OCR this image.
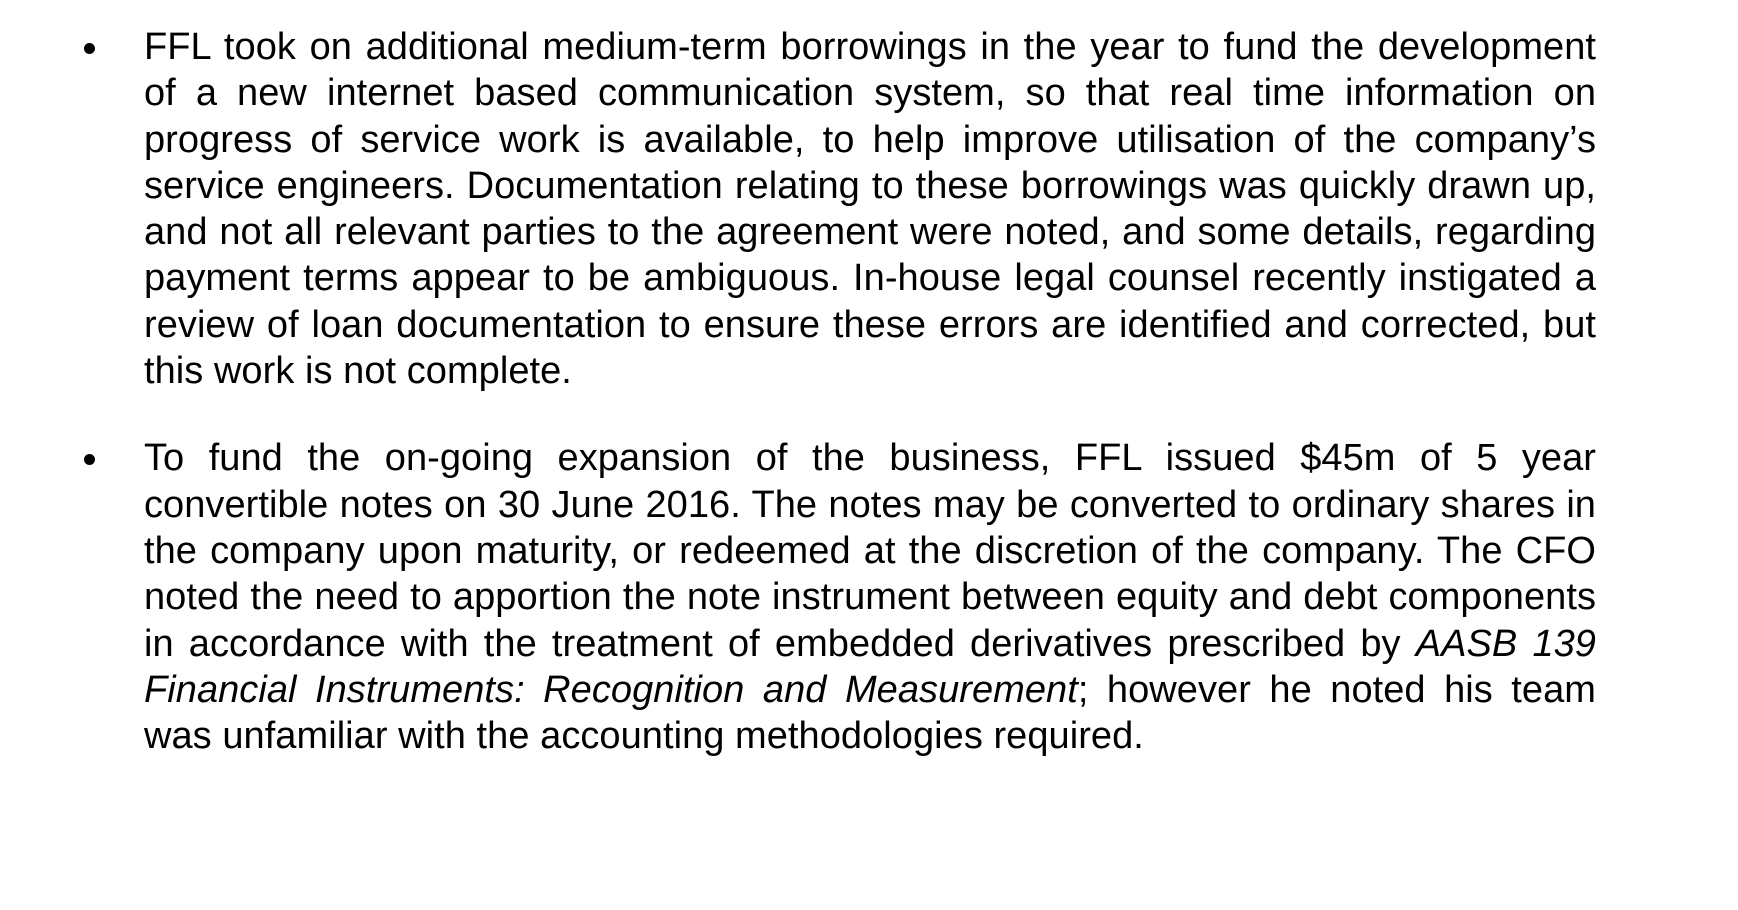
FFL took on additional medium-term borrowings in the year to fund the development of a new internet based communication system, so that real time information on progress of service work is available, to help improve utilisation of the company’s service engineers. Documentation relating to these borrowings was quickly drawn up, and not all relevant parties to the agreement were noted, and some details, regarding payment terms appear to be ambiguous. In-house legal counsel recently instigated a review of loan documentation to ensure these errors are identified and corrected, but this work is not complete.

To fund the on-going expansion of the business, FFL issued $45m of 5 year convertible notes on 30 June 2016. The notes may be converted to ordinary shares in the company upon maturity, or redeemed at the discretion of the company. The CFO noted the need to apportion the note instrument between equity and debt components in accordance with the treatment of embedded derivatives prescribed by AASB 139 Financial Instruments: Recognition and Measurement; however he noted his team was unfamiliar with the accounting methodologies required.
